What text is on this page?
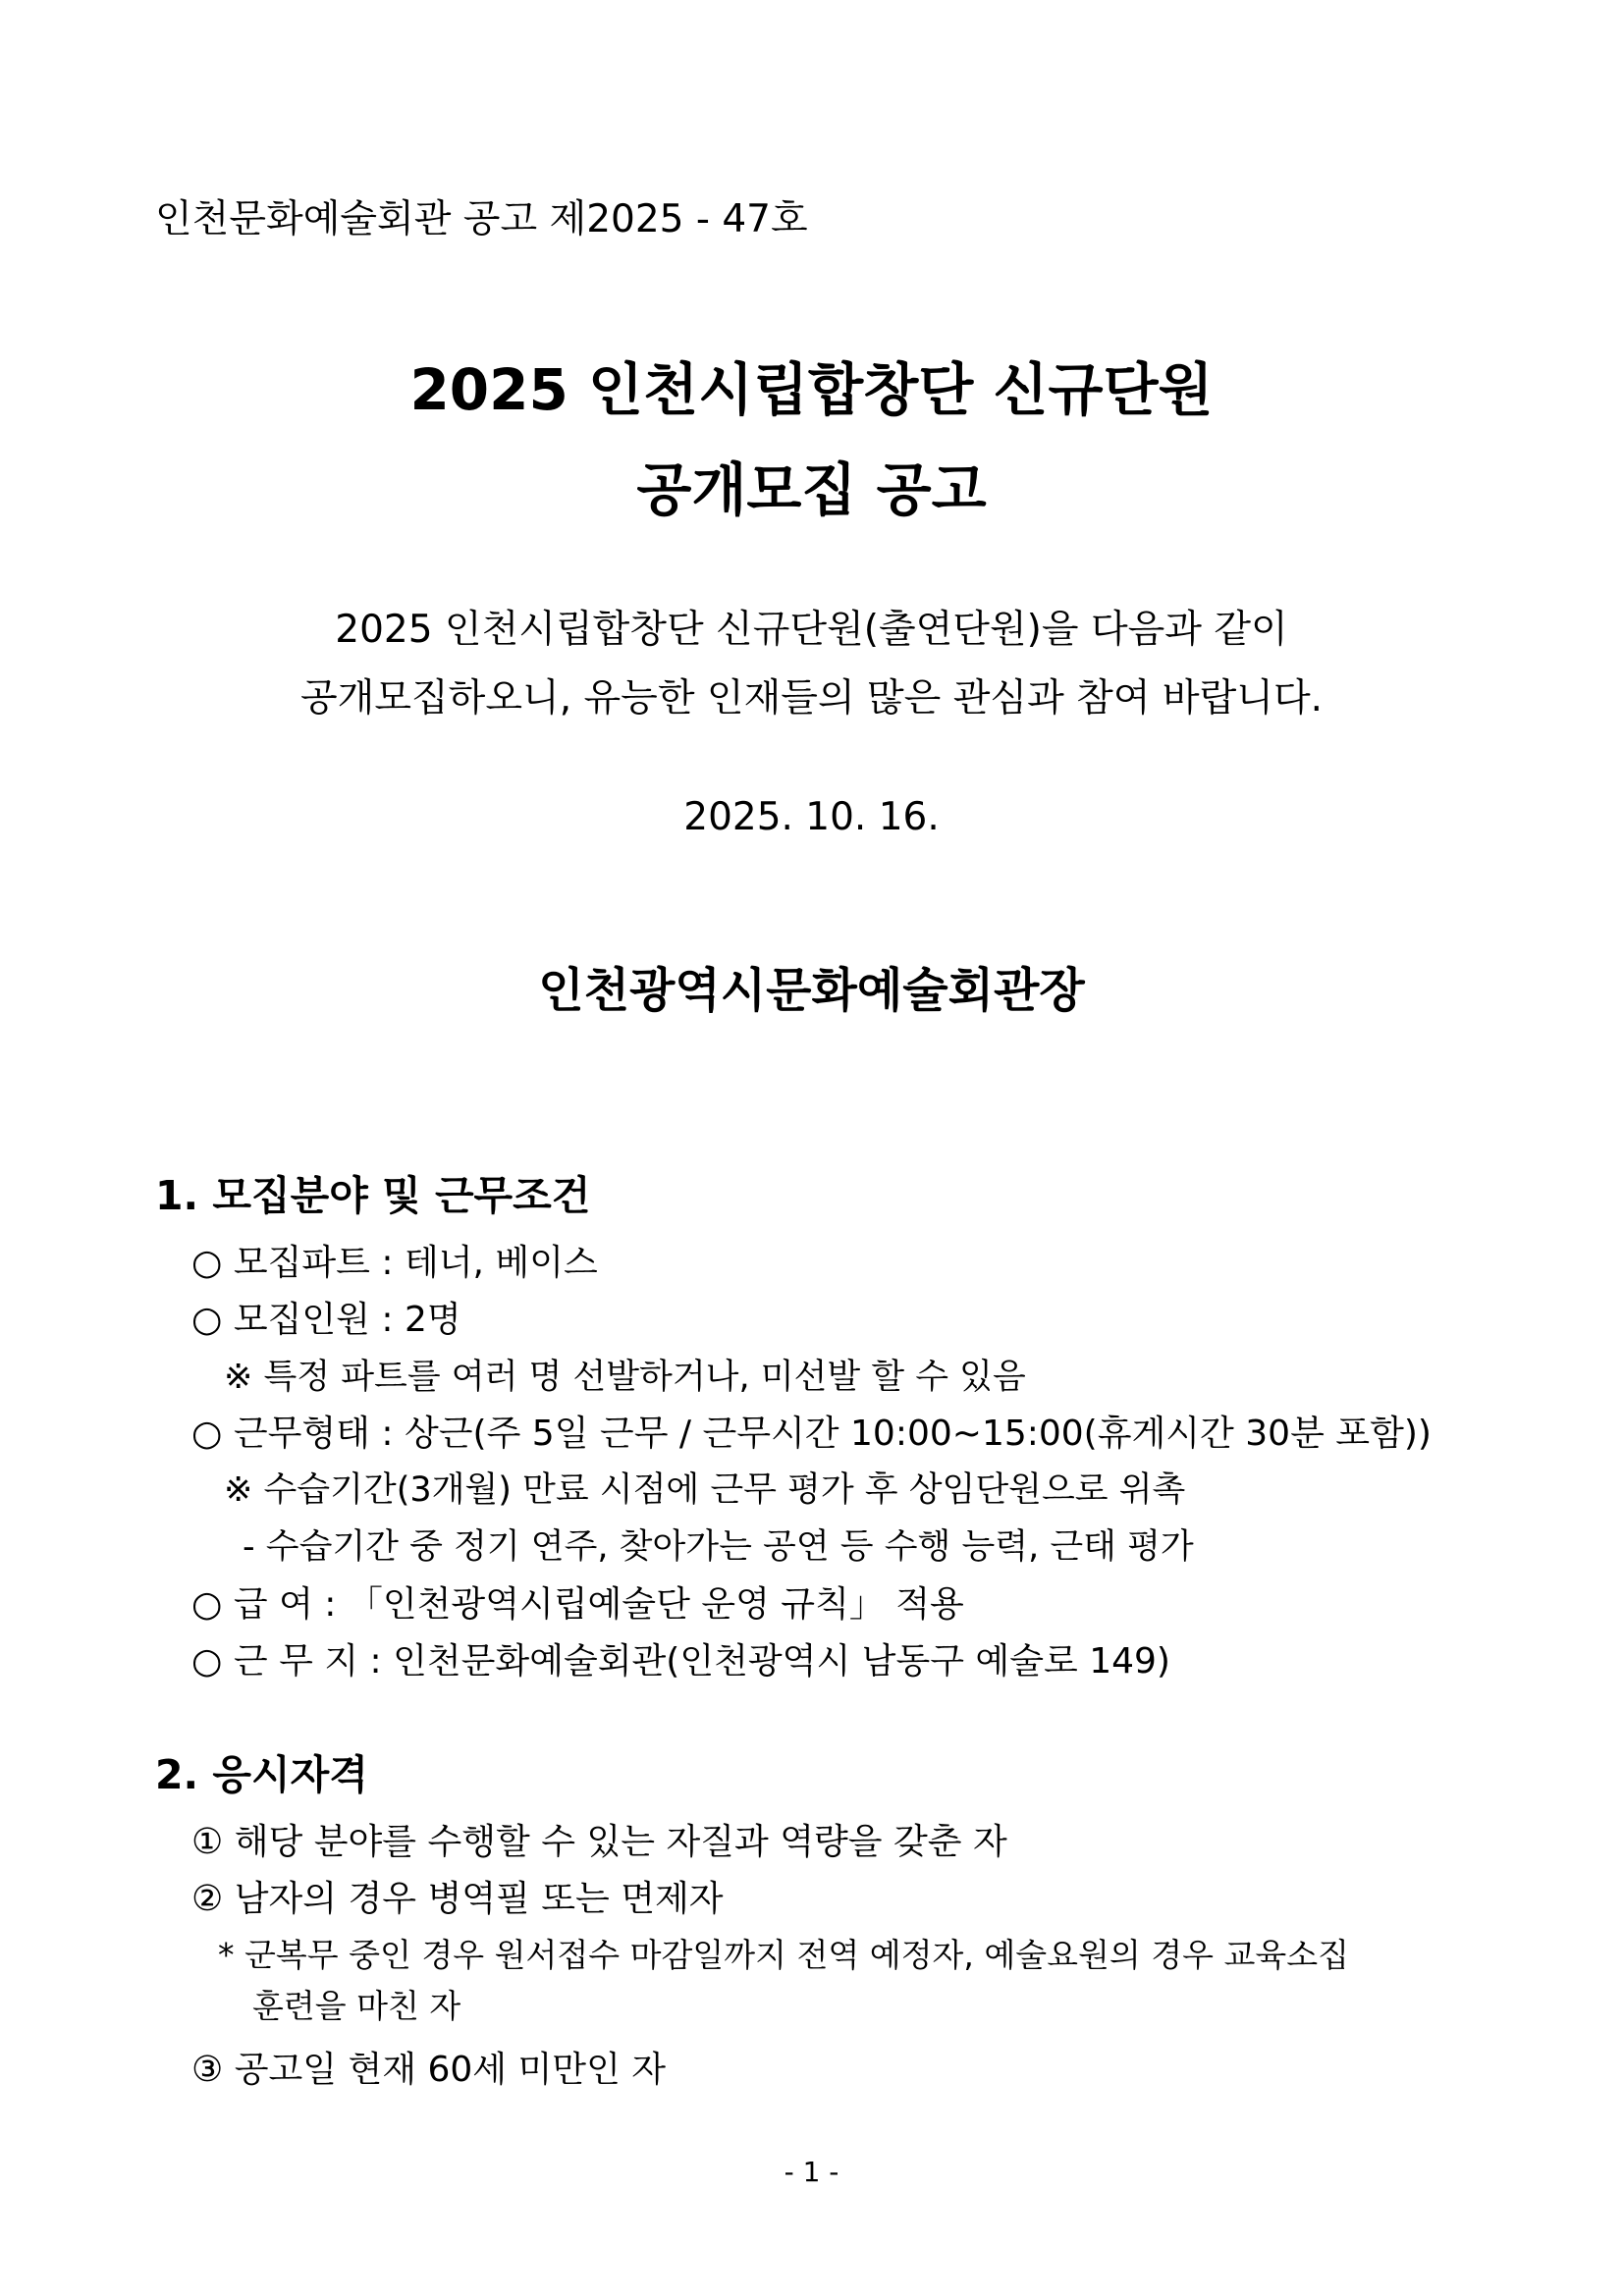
인천문화예술회관 공고 제2025 - 47호

2025 인천시립합창단 신규단원

공개모집 공고

2025 인천시립합창단 신규단원(출연단원)을 다음과 같이

공개모집하오니, 유능한 인재들의 많은 관심과 참여 바랍니다.

2025. 10. 16.

인천광역시문화예술회관장

1. 모집분야 및 근무조건

○ 모집파트 : 테너, 베이스

○ 모집인원 : 2명

※ 특정 파트를 여러 명 선발하거나, 미선발 할 수 있음

○ 근무형태 : 상근(주 5일 근무 / 근무시간 10:00~15:00(휴게시간 30분 포함))

※ 수습기간(3개월) 만료 시점에 근무 평가 후 상임단원으로 위촉

- 수습기간 중 정기 연주, 찾아가는 공연 등 수행 능력, 근태 평가

○ 급 여 : 「인천광역시립예술단 운영 규칙」 적용

○ 근 무 지 : 인천문화예술회관(인천광역시 남동구 예술로 149)

2. 응시자격

① 해당 분야를 수행할 수 있는 자질과 역량을 갖춘 자

② 남자의 경우 병역필 또는 면제자

* 군복무 중인 경우 원서접수 마감일까지 전역 예정자, 예술요원의 경우 교육소집

훈련을 마친 자

③ 공고일 현재 60세 미만인 자

- 1 -
